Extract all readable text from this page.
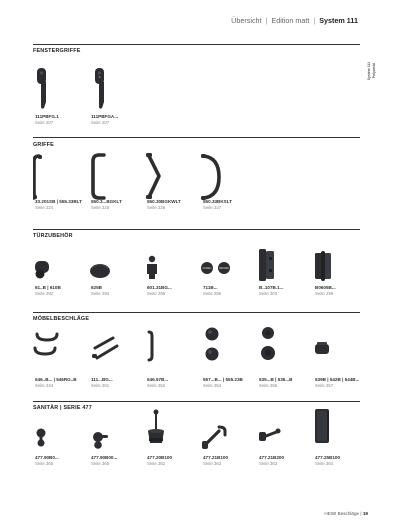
Übersicht | Edition matt | System 111
System 111 Polyamid
FENSTERGRIFFE
111PBFG.1
Seite 207
111PBFGA...
Seite 207
GRIFFE
33.201SB | 555.33BLT
Seite 224
550.3...BGKLT
Seite 225
550.30BGKWLT
Seite 226
550.33BKSLT
Seite 227
TÜRZUBEHÖR
61..B | 610B
Seite 292
625B
Seite 293
601.31BG...
Seite 288
DAMEN	HERREN
711B...
Seite 286
B..107B.1...
Seite 303
B0605B...
Seite 299
MÖBELBESCHLÄGE
546..B... | 546RG..B
Seite 344
111...BG...
Seite 301
546.57B...
Seite 352
557...B... | 555.23B
Seite 354
535...B | 536...B
Seite 356
539B | 542B | 544B...
Seite 357
SANITÄR | SERIE 477
477.90B0...
Seite 365
477.90B00...
Seite 365
477.20B100
Seite 362
477.21B100
Seite 363
477.21B200
Seite 363
477.25B100
Seite 364
HEWI Beschläge | 19
